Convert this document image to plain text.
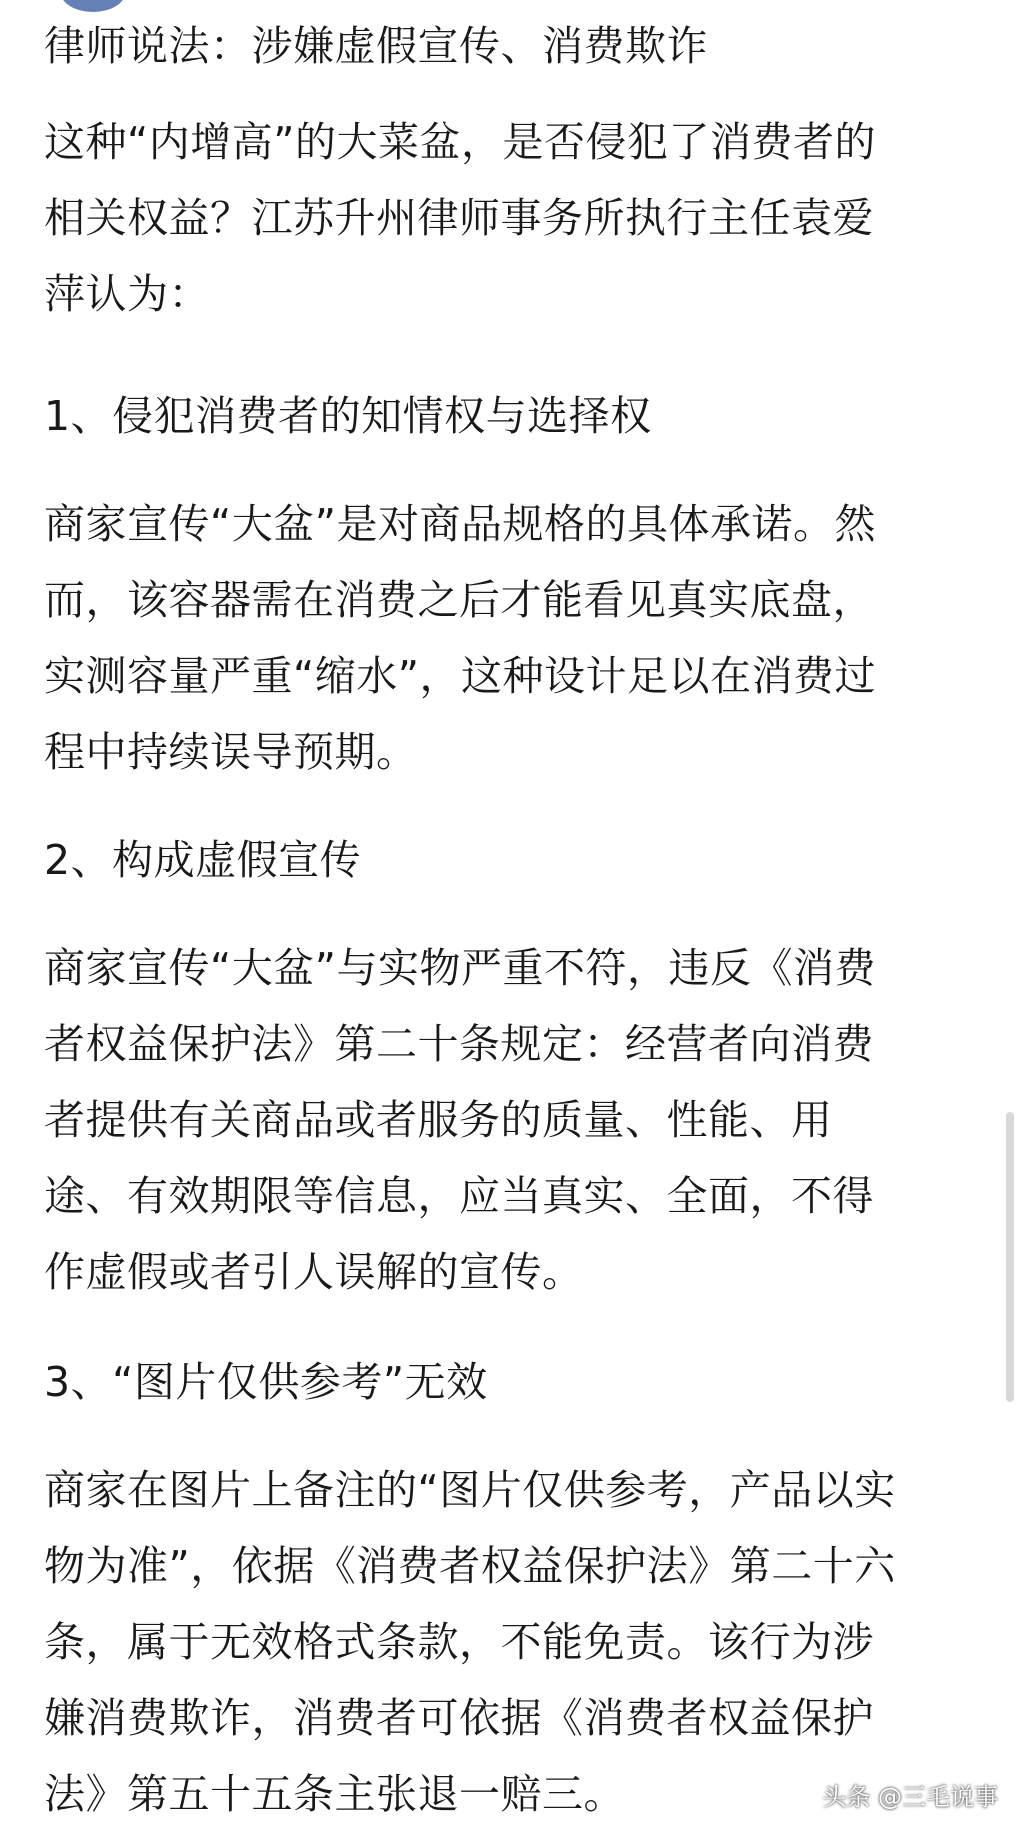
律师说法：涉嫌虚假宣传、消费欺诈
这种“内增高”的大菜盆，是否侵犯了消费者的
相关权益？江苏升州律师事务所执行主任袁爱
萍认为：
1、侵犯消费者的知情权与选择权
商家宣传“大盆”是对商品规格的具体承诺。然
而，该容器需在消费之后才能看见真实底盘，
实测容量严重“缩水”，这种设计足以在消费过
程中持续误导预期。
2、构成虚假宣传
商家宣传“大盆”与实物严重不符，违反《消费
者权益保护法》第二十条规定：经营者向消费
者提供有关商品或者服务的质量、性能、用
途、有效期限等信息，应当真实、全面，不得
作虚假或者引人误解的宣传。
3、“图片仅供参考”无效
商家在图片上备注的“图片仅供参考，产品以实
物为准”，依据《消费者权益保护法》第二十六
条，属于无效格式条款，不能免责。该行为涉
嫌消费欺诈，消费者可依据《消费者权益保护
法》第五十五条主张退一赔三。	头条 @三毛说事
